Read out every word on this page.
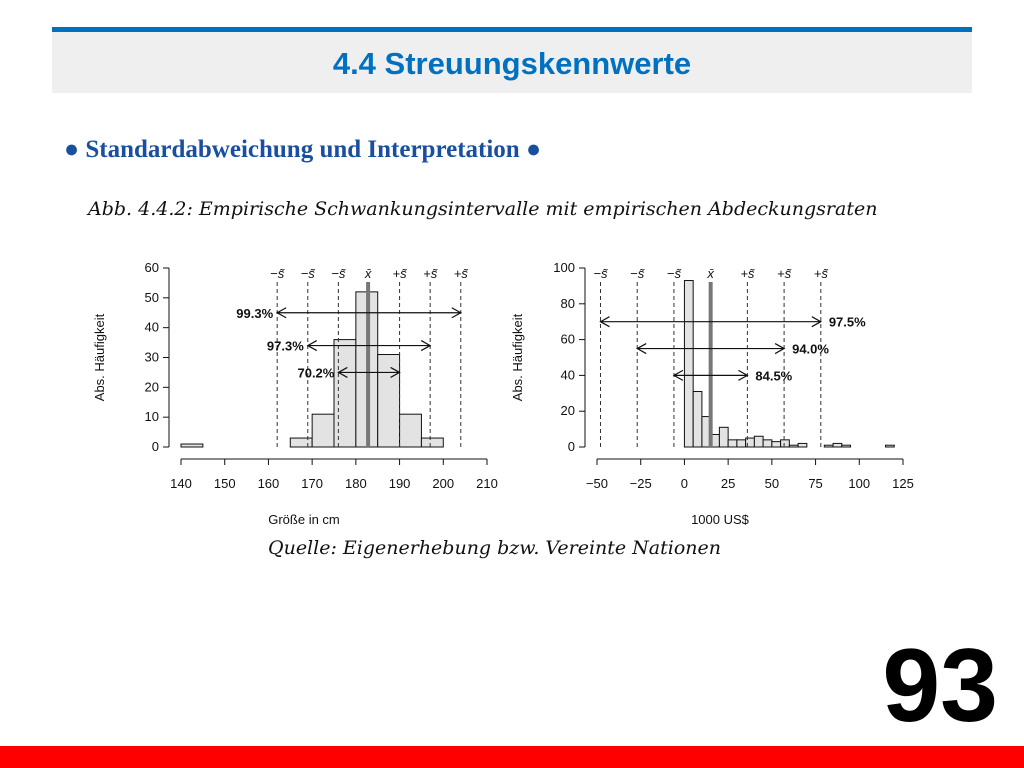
4.4 Streuungskennwerte
● Standardabweichung und Interpretation ●
Abb. 4.4.2: Empirische Schwankungsintervalle mit empirischen Abdeckungsraten
0
10
20
30
40
50
60
140 150 160 170 180 190 200 210
Größe in cm
Abs. Häufigkeit
−s̃ −s̃ −s̃ x̄ +s̃ +s̃ +s̃
99.3%
97.3%
70.2%
0
20
40
60
80
100
−50 −25 0	25 50 75 100 125
1000 US$
Abs. Häufigkeit
−s̃ −s̃ −s̃ x̄ +s̃ +s̃ +s̃
97.5%
94.0%
84.5%
Quelle: Eigenerhebung bzw. Vereinte Nationen
93
